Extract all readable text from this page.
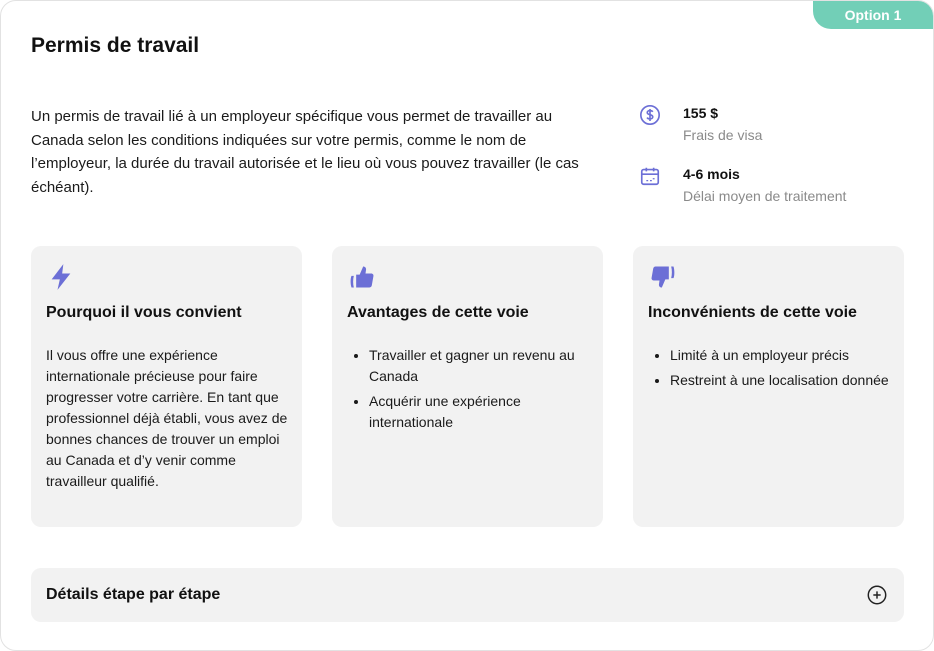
Option 1
Permis de travail
Un permis de travail lié à un employeur spécifique vous permet de travailler au Canada selon les conditions indiquées sur votre permis, comme le nom de l’employeur, la durée du travail autorisée et le lieu où vous pouvez travailler (le cas échéant).
155 $
Frais de visa
4-6 mois
Délai moyen de traitement
Pourquoi il vous convient
Il vous offre une expérience internationale précieuse pour faire progresser votre carrière. En tant que professionnel déjà établi, vous avez de bonnes chances de trouver un emploi au Canada et d’y venir comme travailleur qualifié.
Avantages de cette voie
• Travailler et gagner un revenu au Canada
• Acquérir une expérience internationale
Inconvénients de cette voie
• Limité à un employeur précis
• Restreint à une localisation donnée
Détails étape par étape
